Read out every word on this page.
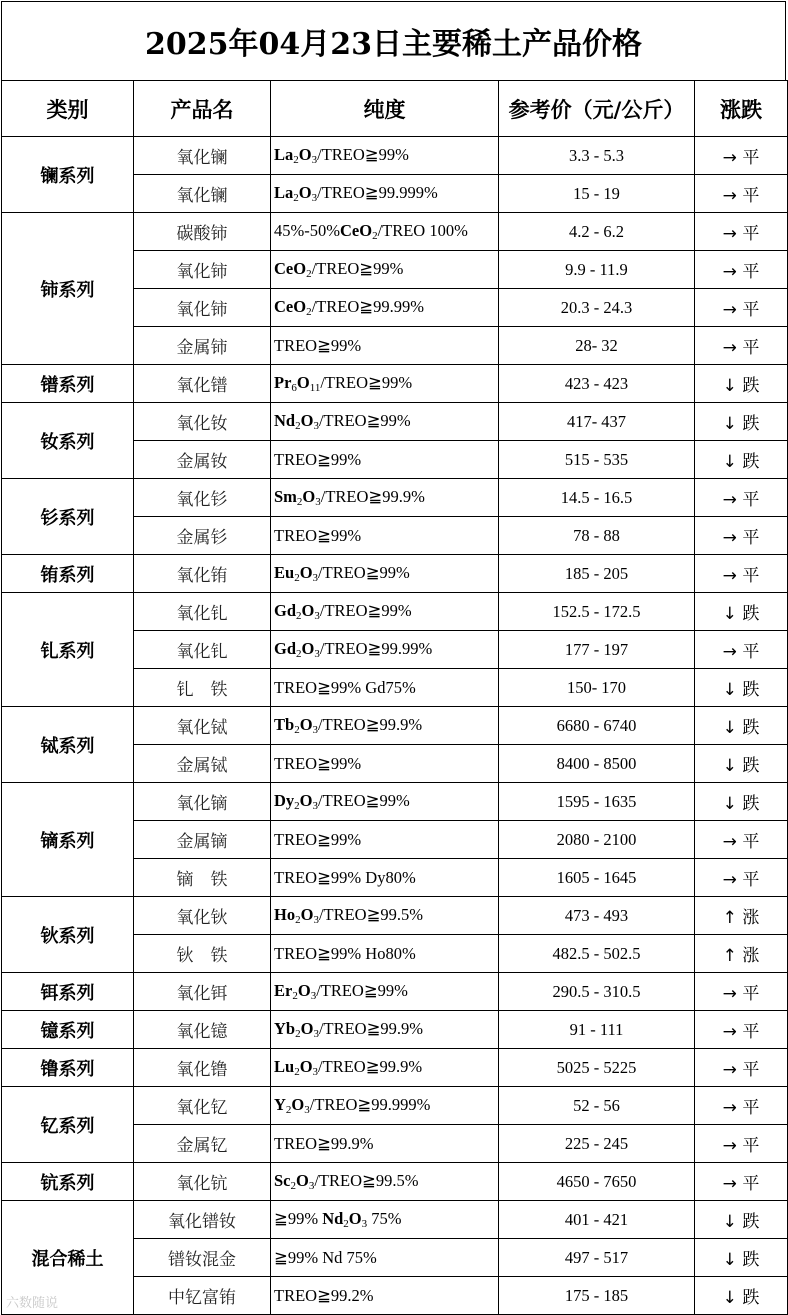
2025年04月23日主要稀土产品价格
类别	产品名	纯度	参考价（元/公斤）	涨跌
镧系列	氧化镧	$La_2O_3/TREO≧99\%$	3.3 - 5.3	→ 平
	氧化镧	$La_2O_3/TREO≧99.999\%$	15 - 19	→ 平
铈系列	碳酸铈	45%-50%CeO$_2$/TREO 100%	4.2 - 6.2	→ 平
	氧化铈	CeO$_2$/TREO≧99%	9.9 - 11.9	→ 平
	氧化铈	CeO$_2$/TREO≧99.99%	20.3 - 24.3	→ 平
	金属铈	TREO≧99%	28- 32	→ 平
镨系列	氧化镨	$Pr_6O_{11}/TREO≧99\%$	423 - 423	↓ 跌
钕系列	氧化钕	$Nd_2O_3/TREO≧99\%$	417- 437	↓ 跌
	金属钕	TREO≧99%	515 - 535	↓ 跌
钐系列	氧化钐	$Sm_2O_3/TREO≧99.9\%$	14.5 - 16.5	→ 平
	金属钐	TREO≧99%	78 - 88	→ 平
铕系列	氧化铕	$Eu_2O_3/TREO≧99\%$	185 - 205	→ 平
钆系列	氧化钆	$Gd_2O_3/TREO≧99\%$	152.5 - 172.5	↓ 跌
	氧化钆	$Gd_2O_3/TREO≧99.99\%$	177 - 197	→ 平
	钆　铁	TREO≧99% Gd75%	150- 170	↓ 跌
铽系列	氧化铽	$Tb_2O_3/TREO≧99.9\%$	6680 - 6740	↓ 跌
	金属铽	TREO≧99%	8400 - 8500	↓ 跌
镝系列	氧化镝	$Dy_2O_3/TREO≧99\%$	1595 - 1635	↓ 跌
	金属镝	TREO≧99%	2080 - 2100	→ 平
	镝　铁	TREO≧99% Dy80%	1605 - 1645	→ 平
钬系列	氧化钬	$Ho_2O_3/TREO≧99.5\%$	473 - 493	↑ 涨
	钬　铁	TREO≧99% Ho80%	482.5 - 502.5	↑ 涨
铒系列	氧化铒	$Er_2O_3/TREO≧99\%$	290.5 - 310.5	→ 平
镱系列	氧化镱	$Yb_2O_3/TREO≧99.9\%$	91 - 111	→ 平
镥系列	氧化镥	$Lu_2O_3/TREO≧99.9\%$	5025 - 5225	→ 平
钇系列	氧化钇	$Y_2O_3/TREO≧99.999\%$	52 - 56	→ 平
	金属钇	TREO≧99.9%	225 - 245	→ 平
钪系列	氧化钪	$Sc_2O_3/TREO≧99.5\%$	4650 - 7650	→ 平
混合稀土	氧化镨钕	≧99% $Nd_2O_3$ 75%	401 - 421	↓ 跌
	镨钕混金	≧99% Nd 75%	497 - 517	↓ 跌
	中钇富铕	TREO≧99.2%	175 - 185	↓ 跌
六数随说
